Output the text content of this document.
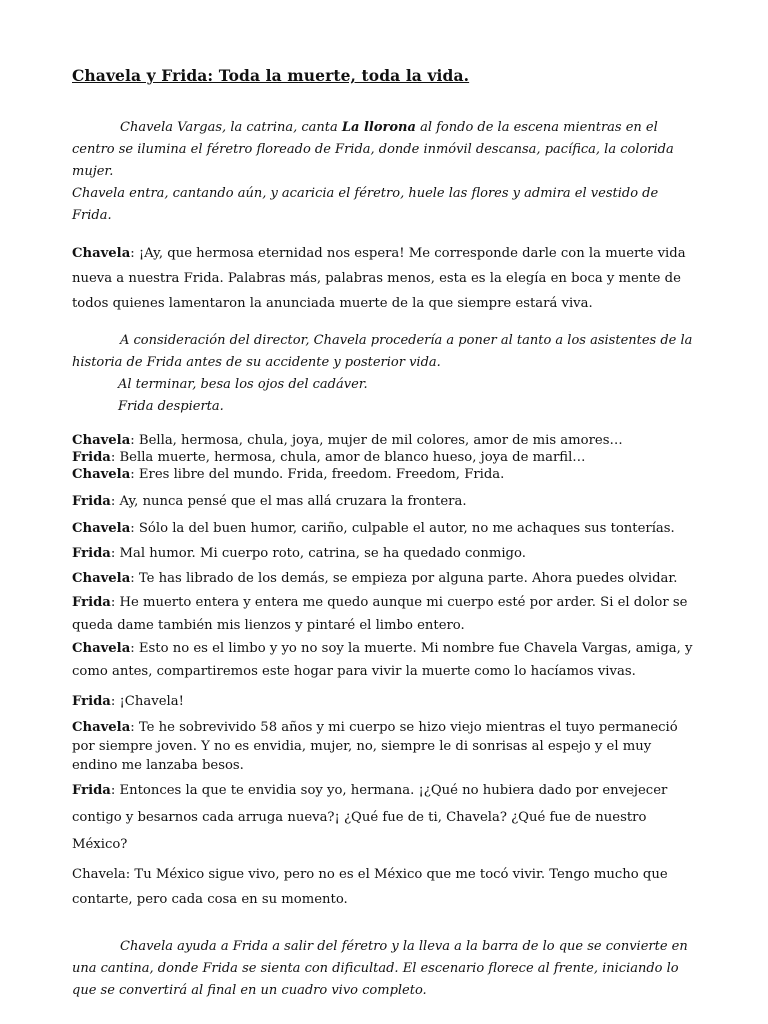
Chavela y Frida: Toda la muerte, toda la vida.

Chavela Vargas, la catrina, canta La llorona al fondo de la escena mientras en el centro se ilumina el féretro floreado de Frida, donde inmóvil descansa, pacífica, la colorida mujer.

Chavela entra, cantando aún, y acaricia el féretro, huele las flores y admira el vestido de Frida.

Chavela: ¡Ay, que hermosa eternidad nos espera! Me corresponde darle con la muerte vida nueva a nuestra Frida. Palabras más, palabras menos, esta es la elegía en boca y mente de todos quienes lamentaron la anunciada muerte de la que siempre estará viva.

A consideración del director, Chavela procedería a poner al tanto a los asistentes de la historia de Frida antes de su accidente y posterior vida.

Al terminar, besa los ojos del cadáver.

Frida despierta.

Chavela: Bella, hermosa, chula, joya, mujer de mil colores, amor de mis amores…

Frida: Bella muerte, hermosa, chula, amor de blanco hueso, joya de marfil…

Chavela: Eres libre del mundo. Frida, freedom. Freedom, Frida.

Frida: Ay, nunca pensé que el mas allá cruzara la frontera.

Chavela: Sólo la del buen humor, cariño, culpable el autor, no me achaques sus tonterías.

Frida: Mal humor. Mi cuerpo roto, catrina, se ha quedado conmigo.

Chavela: Te has librado de los demás, se empieza por alguna parte. Ahora puedes olvidar.

Frida: He muerto entera y entera me quedo aunque mi cuerpo esté por arder. Si el dolor se queda dame también mis lienzos y pintaré el limbo entero.

Chavela: Esto no es el limbo y yo no soy la muerte. Mi nombre fue Chavela Vargas, amiga, y como antes, compartiremos este hogar para vivir la muerte como lo hacíamos vivas.

Frida: ¡Chavela!

Chavela: Te he sobrevivido 58 años y mi cuerpo se hizo viejo mientras el tuyo permaneció por siempre joven. Y no es envidia, mujer, no, siempre le di sonrisas al espejo y el muy endino me lanzaba besos.

Frida: Entonces la que te envidia soy yo, hermana. ¡¿Qué no hubiera dado por envejecer contigo y besarnos cada arruga nueva?¡ ¿Qué fue de ti, Chavela? ¿Qué fue de nuestro México?

Chavela: Tu México sigue vivo, pero no es el México que me tocó vivir. Tengo mucho que contarte, pero cada cosa en su momento.

Chavela ayuda a Frida a salir del féretro y la lleva a la barra de lo que se convierte en una cantina, donde Frida se sienta con dificultad. El escenario florece al frente, iniciando lo que se convertirá al final en un cuadro vivo completo.
